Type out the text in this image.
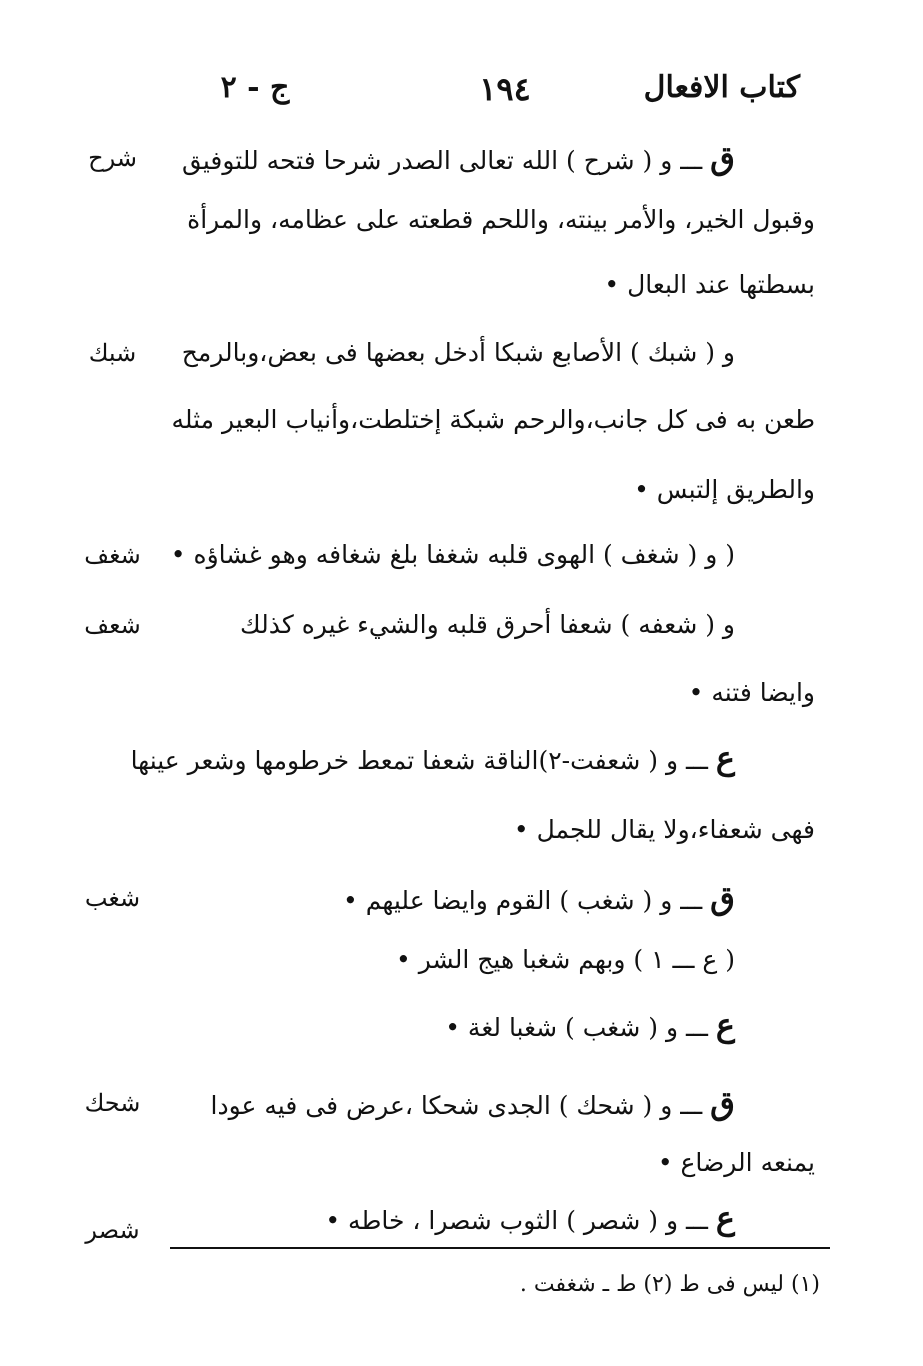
كتاب الافعال
١٩٤
ج - ٢
شرح	ق ـــ و ( شرح ) الله تعالى الصدر شرحا فتحه للتوفيق
وقبول الخير، والأمر بينته، واللحم قطعته على عظامه، والمرأة
بسطتها عند البعال •
شبك	و ( شبك ) الأصابع شبكا أدخل بعضها فى بعض،وبالرمح
طعن به فى كل جانب،والرحم شبكة إختلطت،وأنياب البعير مثله
والطريق إلتبس •
شغف	( و ( شغف ) الهوى قلبه شغفا بلغ شغافه وهو غشاؤه •
شعف	و ( شعفه ) شعفا أحرق قلبه والشيء غيره كذلك
وايضا فتنه •
ع ـــ و ( شعفت-٢)الناقة شعفا تمعط خرطومها وشعر عينها
فهى شعفاء،ولا يقال للجمل •
شغب	ق ـــ و ( شغب ) القوم وايضا عليهم •
( ع ـــ ١ ) وبهم شغبا هيج الشر •
ع ـــ و ( شغب ) شغبا لغة •
شحك	ق ـــ و ( شحك ) الجدى شحكا ،عرض فى فيه عودا
يمنعه الرضاع •
شصر	ع ـــ و ( شصر ) الثوب شصرا ، خاطه •
(١) ليس فى ط (٢) ط ـ شغفت .
